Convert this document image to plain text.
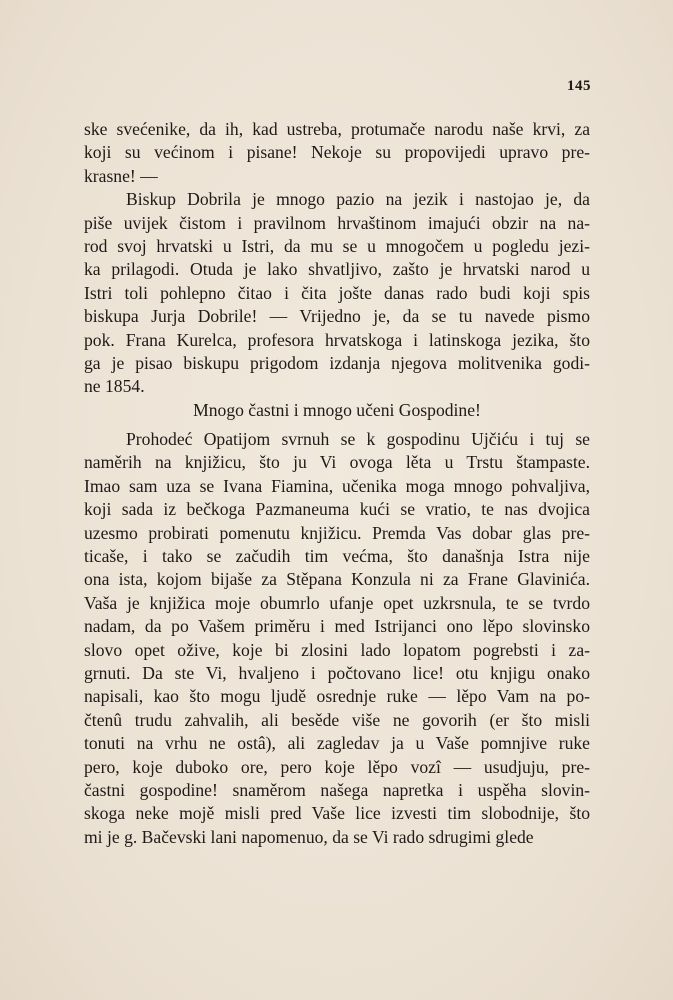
145
ske svećenike, da ih, kad ustreba, protumače narodu naše krvi, za
koji su većinom i pisane! Nekoje su propovijedi upravo pre-
krasne! —
Biskup Dobrila je mnogo pazio na jezik i nastojao je, da
piše uvijek čistom i pravilnom hrvaštinom imajući obzir na na-
rod svoj hrvatski u Istri, da mu se u mnogočem u pogledu jezi-
ka prilagodi. Otuda je lako shvatljivo, zašto je hrvatski narod u
Istri toli pohlepno čitao i čita jošte danas rado budi koji spis
biskupa Jurja Dobrile! — Vrijedno je, da se tu navede pismo
pok. Frana Kurelca, profesora hrvatskoga i latinskoga jezika, što
ga je pisao biskupu prigodom izdanja njegova molitvenika godi-
ne 1854.
Mnogo častni i mnogo učeni Gospodine!
Prohodeć Opatijom svrnuh se k gospodinu Ujčiću i tuj se
naměrih na knjižicu, što ju Vi ovoga lěta u Trstu štampaste.
Imao sam uza se Ivana Fiamina, učenika moga mnogo pohvaljiva,
koji sada iz bečkoga Pazmaneuma kući se vratio, te nas dvojica
uzesmo probirati pomenutu knjižicu. Premda Vas dobar glas pre-
ticaše, i tako se začudih tim većma, što današnja Istra nije
ona ista, kojom bijaše za Stěpana Konzula ni za Frane Glavinića.
Vaša je knjižica moje obumrlo ufanje opet uzkrsnula, te se tvrdo
nadam, da po Vašem priměru i med Istrijanci ono lěpo slovinsko
slovo opet oživе, koje bi zlosini lado lopatom pogrebsti i za-
grnuti. Da ste Vi, hvaljeno i počtovano lice! otu knjigu onako
napisali, kao što mogu ljudě osrednje ruke — lěpo Vam na po-
čtenû trudu zahvalih, ali besěde više ne govorih (er što misli
tonuti na vrhu ne ostâ), ali zagledav ja u Vaše pomnjive ruke
pero, koje duboko ore, pero koje lěpo vozî — usudjuju, pre-
častni gospodine! snaměrom našega napretka i uspěha slovin-
skoga neke mojě misli pred Vaše lice izvesti tim slobodnije, što
mi je g. Bačevski lani napomenuo, da se Vi rado sdrugimi glede
